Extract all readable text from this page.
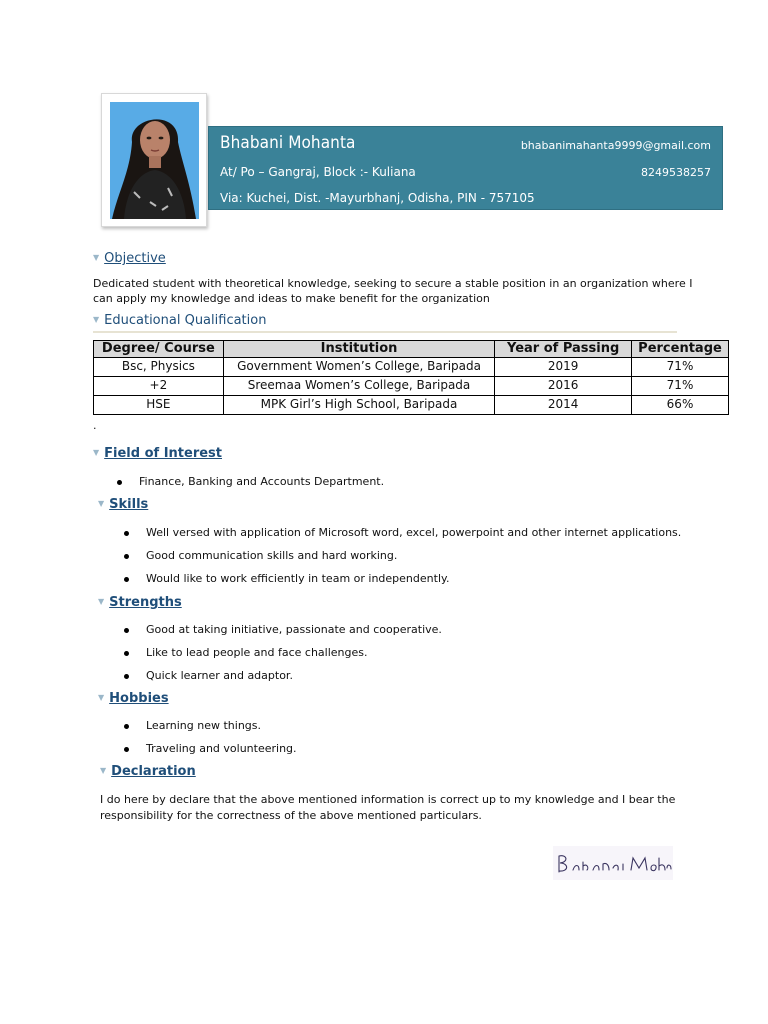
Bhabani Mohanta	bhabanimahanta9999@gmail.com
8249538257
At/ Po – Gangraj, Block :- Kuliana
Via: Kuchei, Dist. -Mayurbhanj, Odisha, PIN - 757105
▼ Objective
Dedicated student with theoretical knowledge, seeking to secure a stable position in an organization where I
can apply my knowledge and ideas to make benefit for the organization
▼ Educational Qualification
Degree/ Course	Institution	Year of Passing	Percentage
Bsc, Physics	Government Women’s College, Baripada	2019	71%
+2	Sreemaa Women’s College, Baripada	2016	71%
HSE	MPK Girl’s High School, Baripada	2014	66%
.
▼ Field of Interest
Finance, Banking and Accounts Department.
▼ Skills
Well versed with application of Microsoft word, excel, powerpoint and other internet applications.
Good communication skills and hard working.
Would like to work efficiently in team or independently.
▼ Strengths
Good at taking initiative, passionate and cooperative.
Like to lead people and face challenges.
Quick learner and adaptor.
▼ Hobbies
Learning new things.
Traveling and volunteering.
▼ Declaration
I do here by declare that the above mentioned information is correct up to my knowledge and I bear the
responsibility for the correctness of the above mentioned particulars.
